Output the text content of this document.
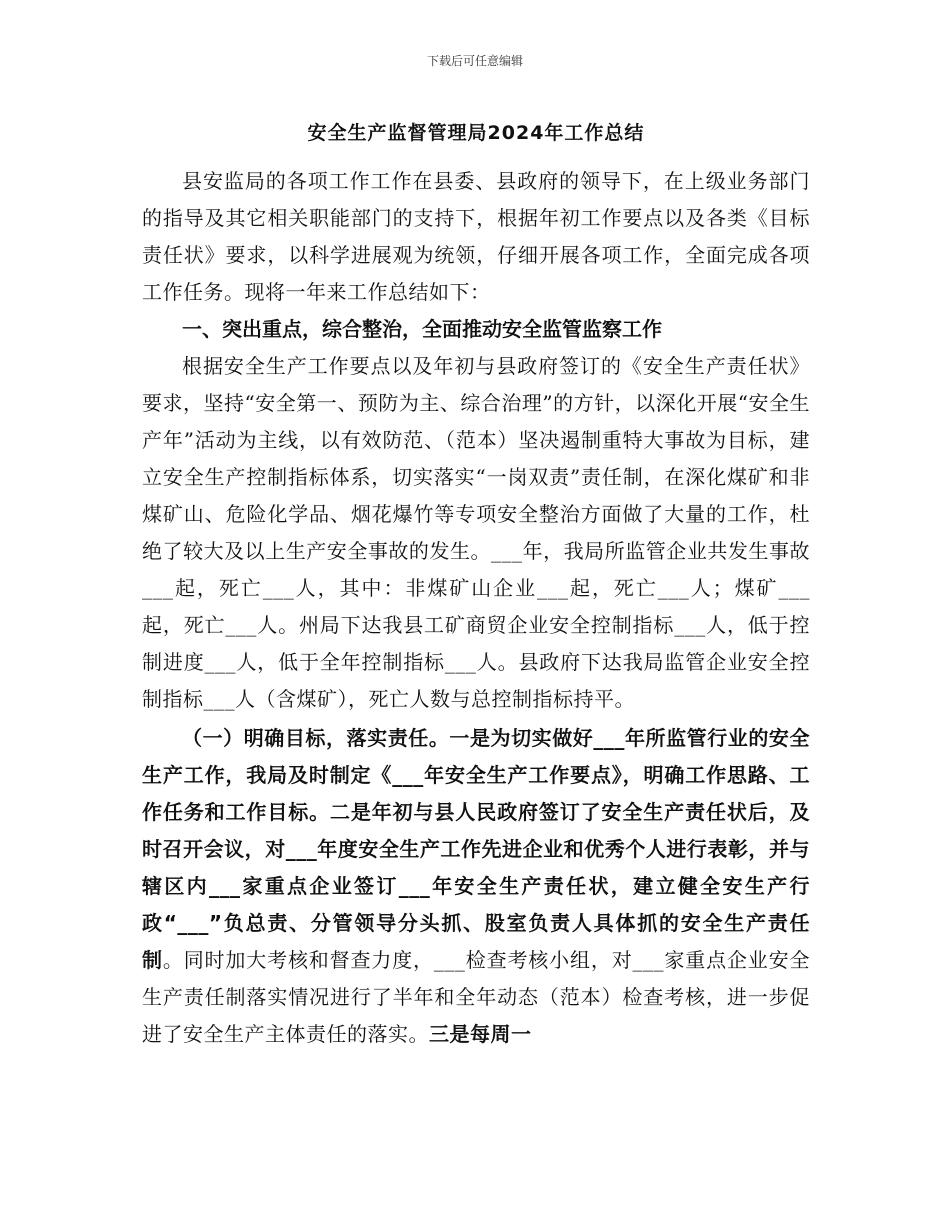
下载后可任意编辑
安全生产监督管理局2024年工作总结

县安监局的各项工作工作在县委、县政府的领导下，在上级业务部门的指导及其它相关职能部门的支持下，根据年初工作要点以及各类《目标责任状》要求，以科学进展观为统领，仔细开展各项工作，全面完成各项工作任务。现将一年来工作总结如下：

一、突出重点，综合整治，全面推动安全监管监察工作

根据安全生产工作要点以及年初与县政府签订的《安全生产责任状》要求，坚持“安全第一、预防为主、综合治理”的方针，以深化开展“安全生产年”活动为主线，以有效防范、（范本）坚决遏制重特大事故为目标，建立安全生产控制指标体系，切实落实“一岗双责”责任制，在深化煤矿和非煤矿山、危险化学品、烟花爆竹等专项安全整治方面做了大量的工作，杜绝了较大及以上生产安全事故的发生。___年，我局所监管企业共发生事故___起，死亡___人，其中：非煤矿山企业___起，死亡___人；煤矿___起，死亡___人。州局下达我县工矿商贸企业安全控制指标___人，低于控制进度___人，低于全年控制指标___人。县政府下达我局监管企业安全控制指标___人（含煤矿），死亡人数与总控制指标持平。

（一）明确目标，落实责任。一是为切实做好___年所监管行业的安全生产工作，我局及时制定《___年安全生产工作要点》，明确工作思路、工作任务和工作目标。二是年初与县人民政府签订了安全生产责任状后，及时召开会议，对___年度安全生产工作先进企业和优秀个人进行表彰，并与辖区内___家重点企业签订___年安全生产责任状，建立健全安生产行政“___”负总责、分管领导分头抓、股室负责人具体抓的安全生产责任制。同时加大考核和督查力度，___检查考核小组，对___家重点企业安全生产责任制落实情况进行了半年和全年动态（范本）检查考核，进一步促进了安全生产主体责任的落实。三是每周一
